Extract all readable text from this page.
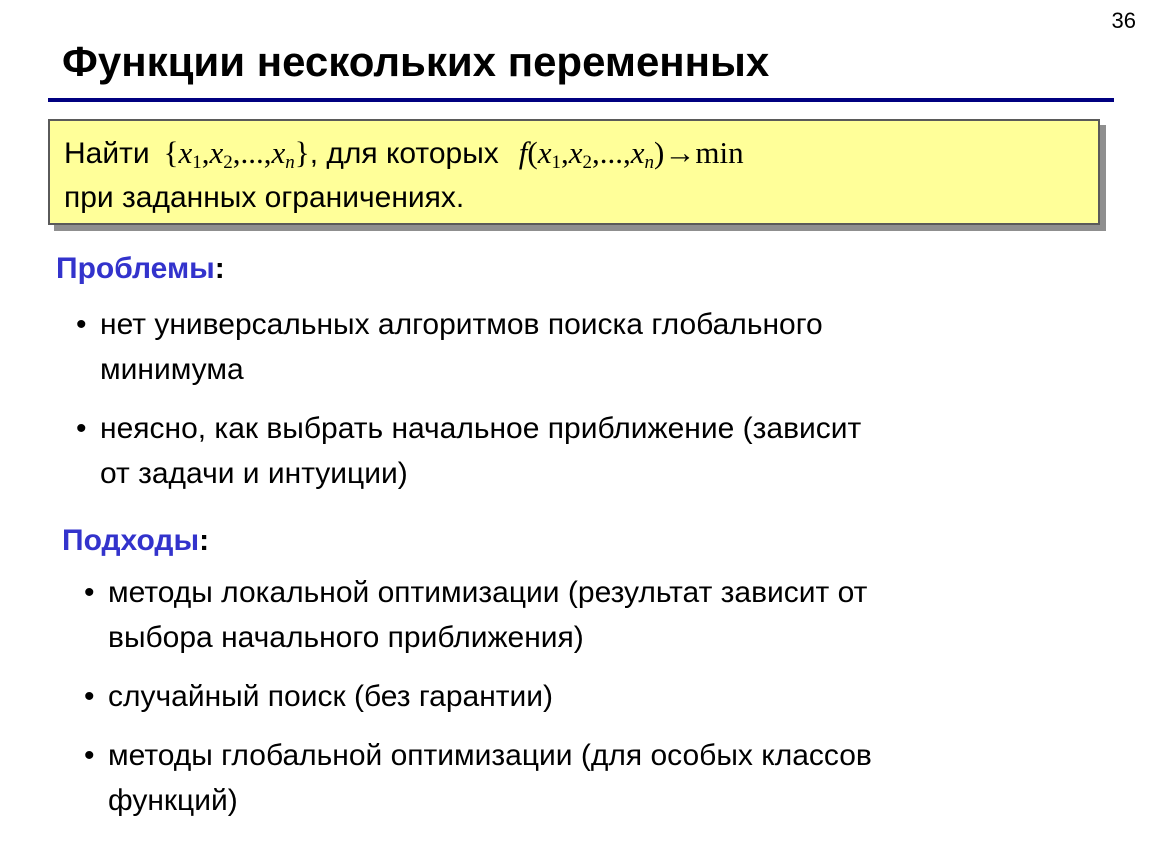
36
Функции нескольких переменных
Найти $\{x_1,x_2,...,x_n\}$, для которых $f(x_1,x_2,...,x_n)\to\min$
при заданных ограничениях.
Проблемы:
• нет универсальных алгоритмов поиска глобального
минимума
• неясно, как выбрать начальное приближение (зависит
от задачи и интуиции)
Подходы:
• методы локальной оптимизации (результат зависит от
выбора начального приближения)
• случайный поиск (без гарантии)
• методы глобальной оптимизации (для особых классов
функций)
